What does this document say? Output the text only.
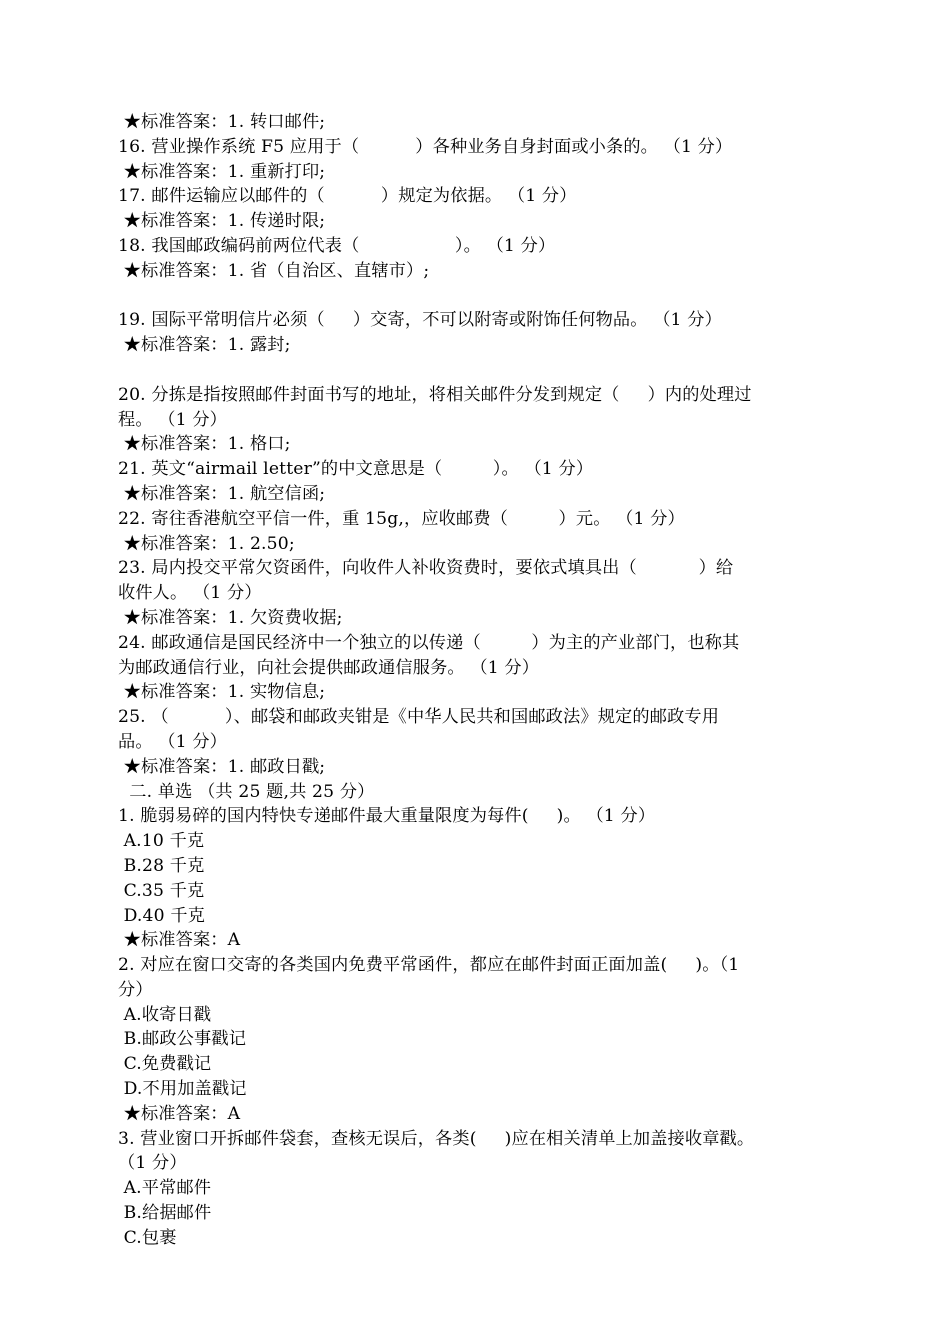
★标准答案：1. 转口邮件;
16. 营业操作系统 F5 应用于（          ）各种业务自身封面或小条的。 （1 分）
★标准答案：1. 重新打印;
17. 邮件运输应以邮件的（          ）规定为依据。 （1 分）
★标准答案：1. 传递时限;
18. 我国邮政编码前两位代表（                 ）。 （1 分）
★标准答案：1. 省（自治区、直辖市）;
19. 国际平常明信片必须（     ）交寄，不可以附寄或附饰任何物品。 （1 分）
★标准答案：1. 露封;
20. 分拣是指按照邮件封面书写的地址，将相关邮件分发到规定（     ）内的处理过
程。 （1 分）
★标准答案：1. 格口;
21. 英文“airmail letter”的中文意思是（         ）。 （1 分）
★标准答案：1. 航空信函;
22. 寄往香港航空平信一件，重 15g,，应收邮费（         ）元。 （1 分）
★标准答案：1. 2.50;
23. 局内投交平常欠资函件，向收件人补收资费时，要依式填具出（           ）给
收件人。 （1 分）
★标准答案：1. 欠资费收据;
24. 邮政通信是国民经济中一个独立的以传递（         ）为主的产业部门，也称其
为邮政通信行业，向社会提供邮政通信服务。 （1 分）
★标准答案：1. 实物信息;
25. （          ）、邮袋和邮政夹钳是《中华人民共和国邮政法》规定的邮政专用
品。 （1 分）
★标准答案：1. 邮政日戳;
二. 单选 （共 25 题,共 25 分）
1. 脆弱易碎的国内特快专递邮件最大重量限度为每件(     )。 （1 分）
A.10 千克
B.28 千克
C.35 千克
D.40 千克
★标准答案：A
2. 对应在窗口交寄的各类国内免费平常函件，都应在邮件封面正面加盖(     )。（1
分）
A.收寄日戳
B.邮政公事戳记
C.免费戳记
D.不用加盖戳记
★标准答案：A
3. 营业窗口开拆邮件袋套，查核无误后，各类(     )应在相关清单上加盖接收章戳。
（1 分）
A.平常邮件
B.给据邮件
C.包裹
